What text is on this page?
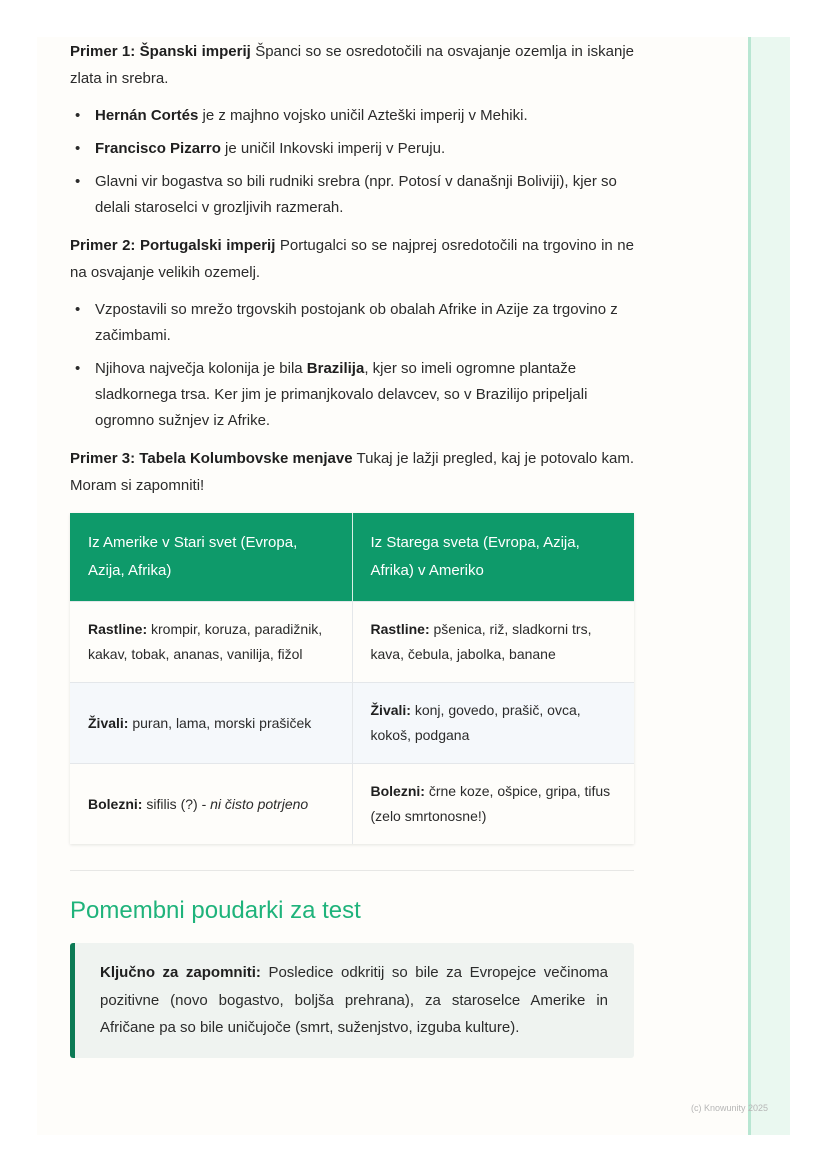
Primer 1: Španski imperij Španci so se osredotočili na osvajanje ozemlja in iskanje zlata in srebra.

• Hernán Cortés je z majhno vojsko uničil Azteški imperij v Mehiki.
• Francisco Pizarro je uničil Inkovski imperij v Peruju.
• Glavni vir bogastva so bili rudniki srebra (npr. Potosí v današnji Boliviji), kjer so delali staroselci v grozljivih razmerah.

Primer 2: Portugalski imperij Portugalci so se najprej osredotočili na trgovino in ne na osvajanje velikih ozemelj.

• Vzpostavili so mrežo trgovskih postojank ob obalah Afrike in Azije za trgovino z začimbami.
• Njihova največja kolonija je bila Brazilija, kjer so imeli ogromne plantaže sladkornega trsa. Ker jim je primanjkovalo delavcev, so v Brazilijo pripeljali ogromno sužnjev iz Afrike.

Primer 3: Tabela Kolumbovske menjave Tukaj je lažji pregled, kaj je potovalo kam. Moram si zapomniti!

Iz Amerike v Stari svet (Evropa, Azija, Afrika)	Iz Starega sveta (Evropa, Azija, Afrika) v Ameriko
Rastline: krompir, koruza, paradižnik, kakav, tobak, ananas, vanilija, fižol	Rastline: pšenica, riž, sladkorni trs, kava, čebula, jabolka, banane
Živali: puran, lama, morski prašiček	Živali: konj, govedo, prašič, ovca, kokoš, podgana
Bolezni: sifilis (?) - ni čisto potrjeno	Bolezni: črne koze, ošpice, gripa, tifus (zelo smrtonosne!)
Pomembni poudarki za test

Ključno za zapomniti: Posledice odkritij so bile za Evropejce večinoma pozitivne (novo bogastvo, boljša prehrana), za staroselce Amerike in Afričane pa so bile uničujoče (smrt, suženjstvo, izguba kulture).

(c) Knowunity 2025
